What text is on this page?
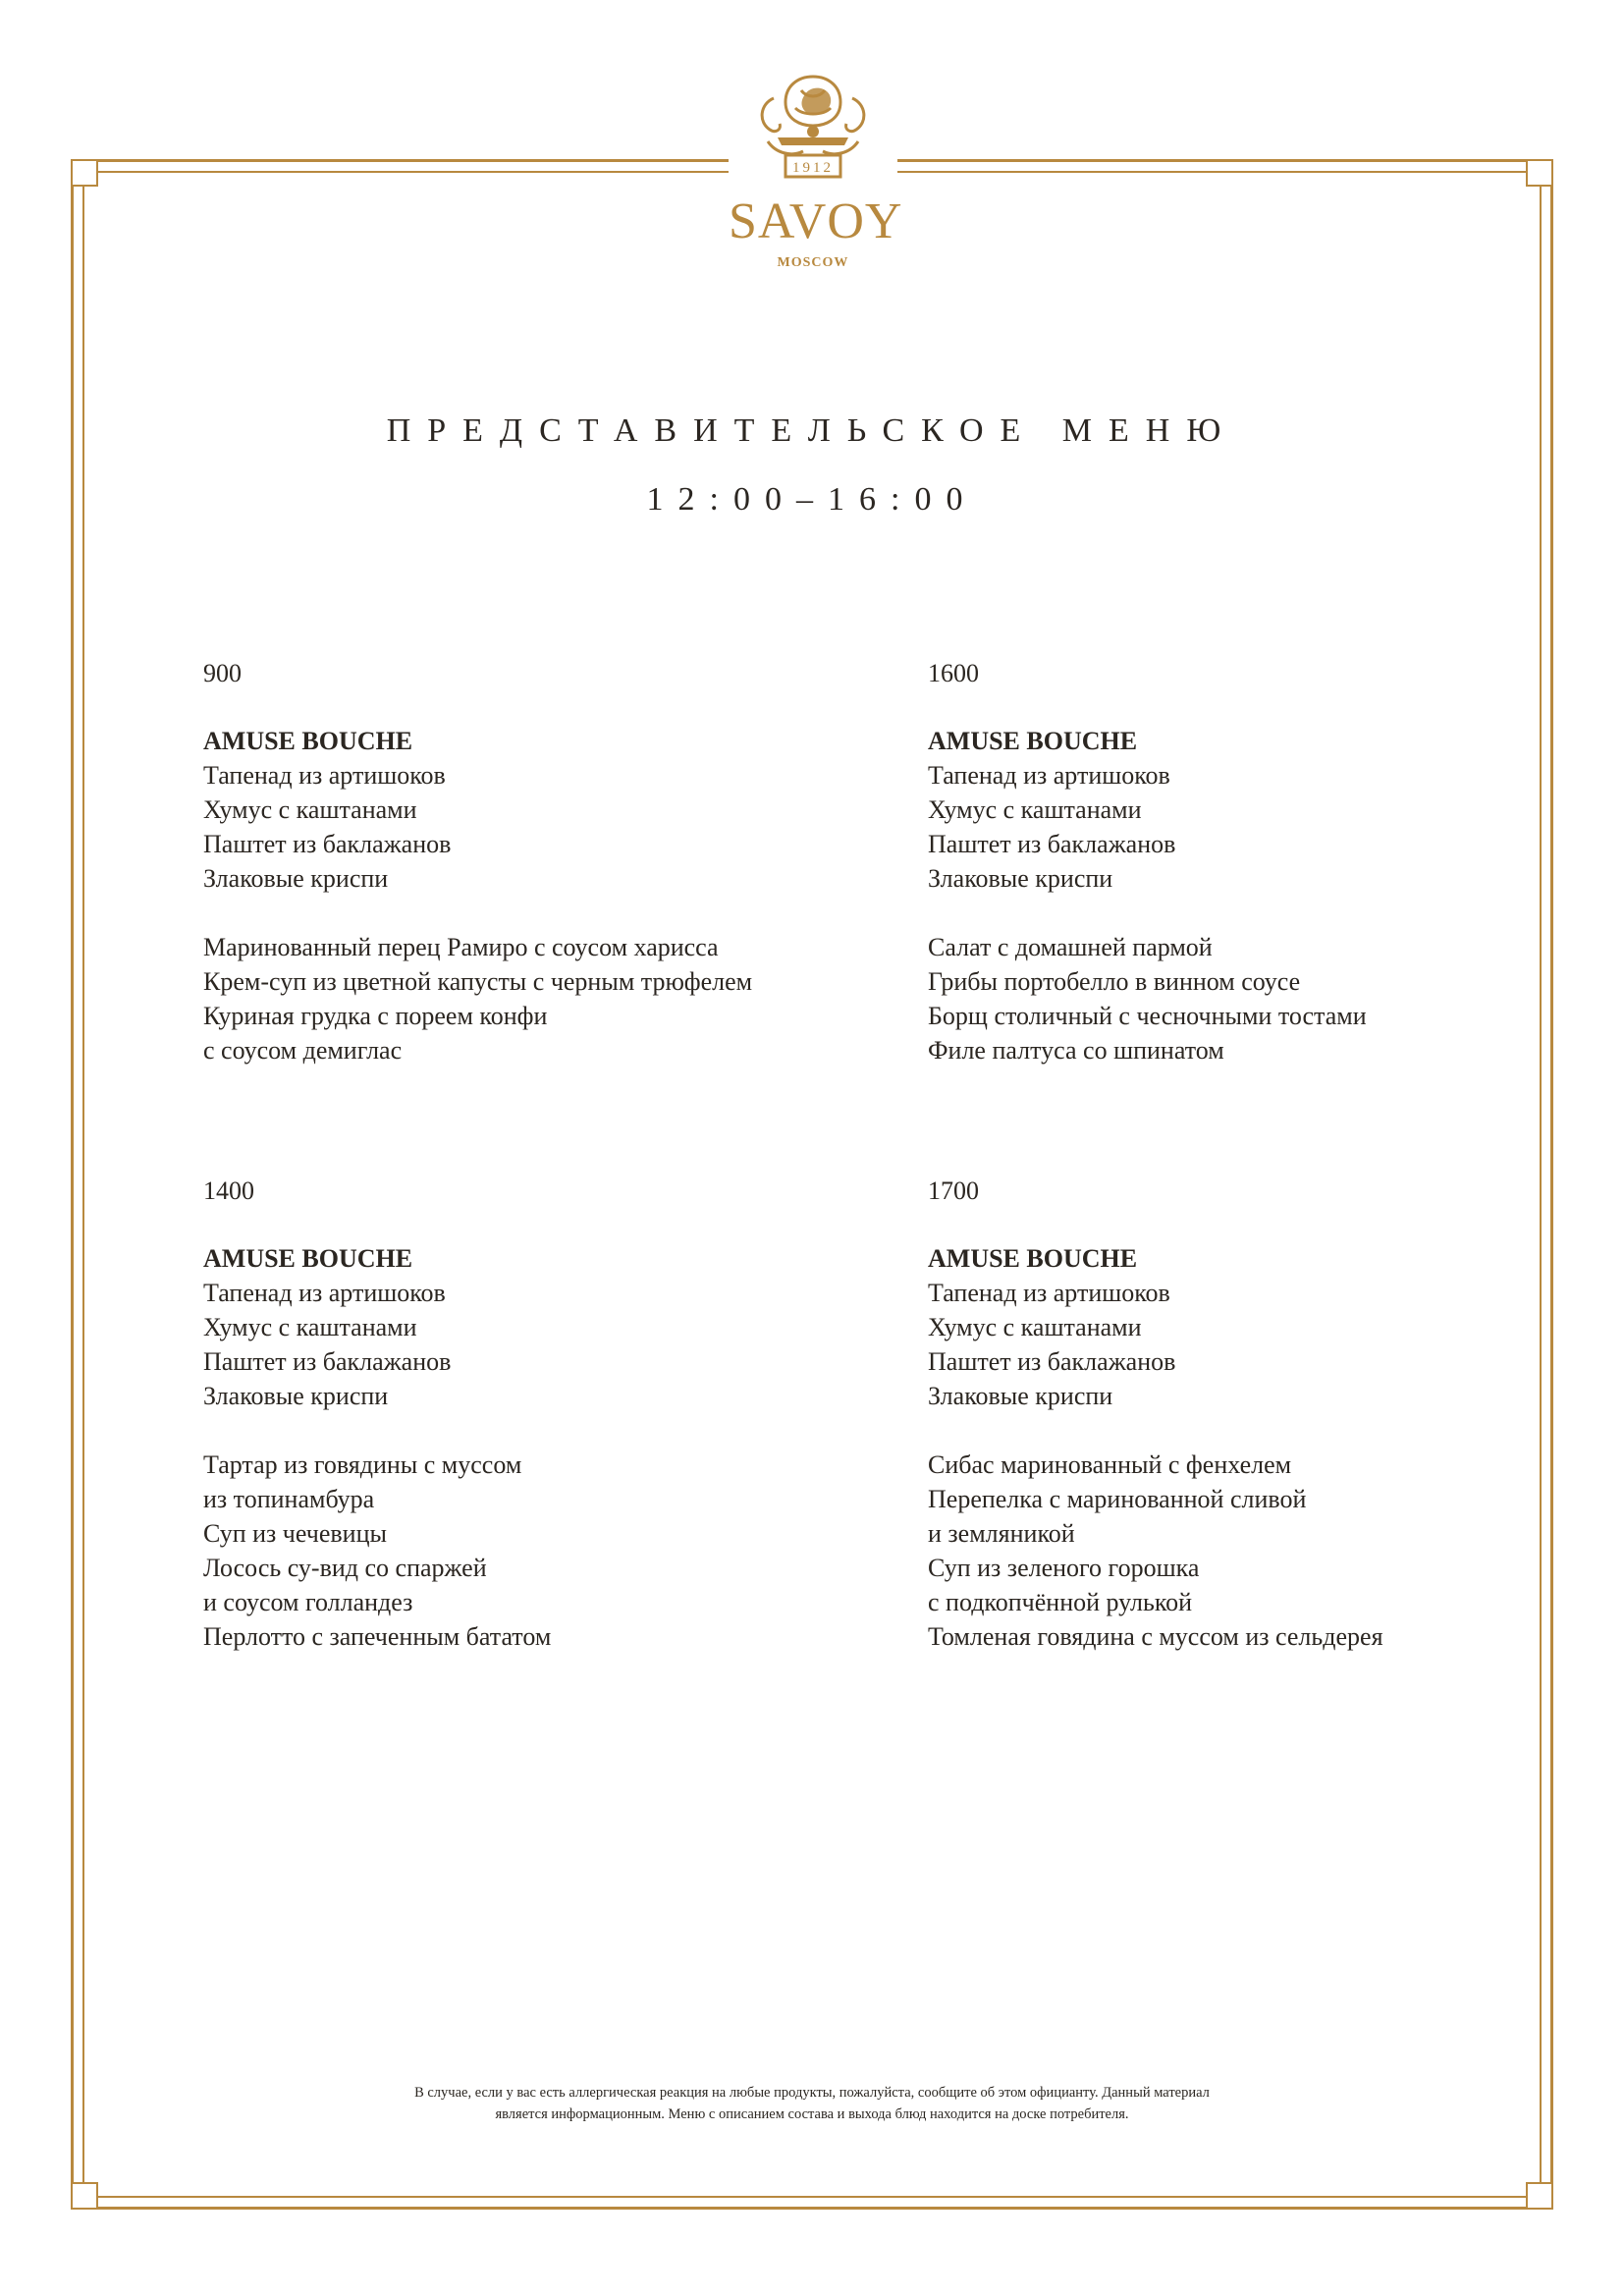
1912
SAVOY
MOSCOW
ПРЕДСТАВИТЕЛЬСКОЕ МЕНЮ
12:00–16:00
900
AMUSE BOUCHE
Тапенад из артишоков
Хумус с каштанами
Паштет из баклажанов
Злаковые криспи
Маринованный перец Рамиро с соусом харисса
Крем-суп из цветной капусты с черным трюфелем
Куриная грудка с пореем конфи
с соусом демиглас
1600
AMUSE BOUCHE
Тапенад из артишоков
Хумус с каштанами
Паштет из баклажанов
Злаковые криспи
Салат с домашней пармой
Грибы портобелло в винном соусе
Борщ столичный с чесночными тостами
Филе палтуса со шпинатом
1400
AMUSE BOUCHE
Тапенад из артишоков
Хумус с каштанами
Паштет из баклажанов
Злаковые криспи
Тартар из говядины с муссом
из топинамбура
Суп из чечевицы
Лосось су-вид со спаржей
и соусом голландез
Перлотто с запеченным бататом
1700
AMUSE BOUCHE
Тапенад из артишоков
Хумус с каштанами
Паштет из баклажанов
Злаковые криспи
Сибас маринованный с фенхелем
Перепелка с маринованной сливой
и земляникой
Суп из зеленого горошка
с подкопчённой рулькой
Томленая говядина с муссом из сельдерея
В случае, если у вас есть аллергическая реакция на любые продукты, пожалуйста, сообщите об этом официанту. Данный материал
является информационным. Меню с описанием состава и выхода блюд находится на доске потребителя.
